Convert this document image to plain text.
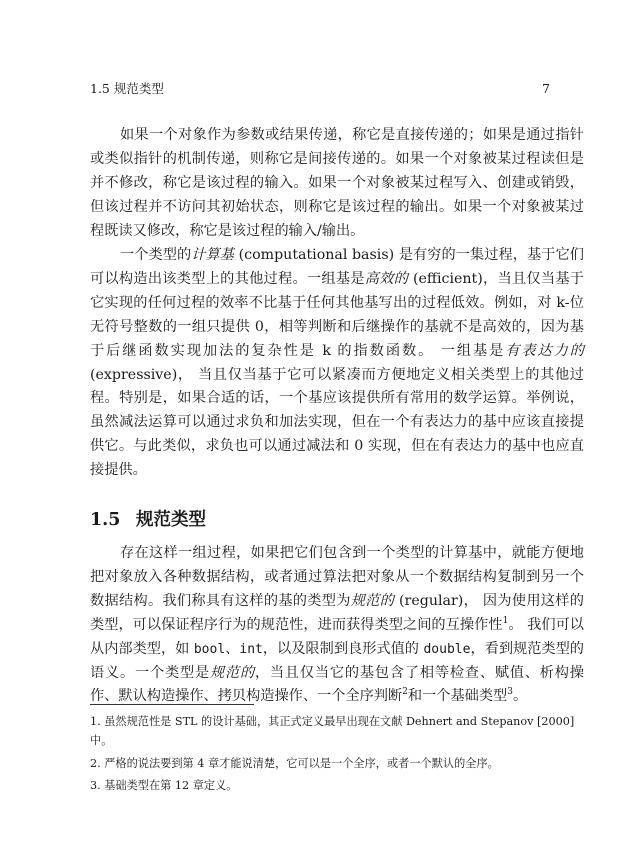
1.5 规范类型	7

如果一个对象作为参数或结果传递，称它是直接传递的；如果是通过指针或类似指针的机制传递，则称它是间接传递的。如果一个对象被某过程读但是并不修改，称它是该过程的输入。如果一个对象被某过程写入、创建或销毁，但该过程并不访问其初始状态，则称它是该过程的输出。如果一个对象被某过程既读又修改，称它是该过程的输入/输出。

一个类型的计算基 (computational basis) 是有穷的一集过程，基于它们可以构造出该类型上的其他过程。一组基是高效的 (efficient)，当且仅当基于它实现的任何过程的效率不比基于任何其他基写出的过程低效。例如，对 k-位无符号整数的一组只提供 0，相等判断和后继操作的基就不是高效的，因为基于后继函数实现加法的复杂性是 k 的指数函数。 一组基是有表达力的 (expressive)， 当且仅当基于它可以紧凑而方便地定义相关类型上的其他过程。特别是，如果合适的话，一个基应该提供所有常用的数学运算。举例说，虽然减法运算可以通过求负和加法实现，但在一个有表达力的基中应该直接提供它。与此类似，求负也可以通过减法和 0 实现，但在有表达力的基中也应直接提供。

1.5 规范类型

存在这样一组过程，如果把它们包含到一个类型的计算基中，就能方便地把对象放入各种数据结构，或者通过算法把对象从一个数据结构复制到另一个数据结构。我们称具有这样的基的类型为规范的 (regular)， 因为使用这样的类型，可以保证程序行为的规范性，进而获得类型之间的互操作性$^1$。 我们可以从内部类型，如 bool、int，以及限制到良形式值的 double，看到规范类型的语义。一个类型是规范的，当且仅当它的基包含了相等检查、赋值、析构操作、默认构造操作、拷贝构造操作、一个全序判断$^2$和一个基础类型$^3$。

1. 虽然规范性是 STL 的设计基础，其正式定义最早出现在文献 Dehnert and Stepanov [2000] 中。
2. 严格的说法要到第 4 章才能说清楚，它可以是一个全序，或者一个默认的全序。
3. 基础类型在第 12 章定义。
